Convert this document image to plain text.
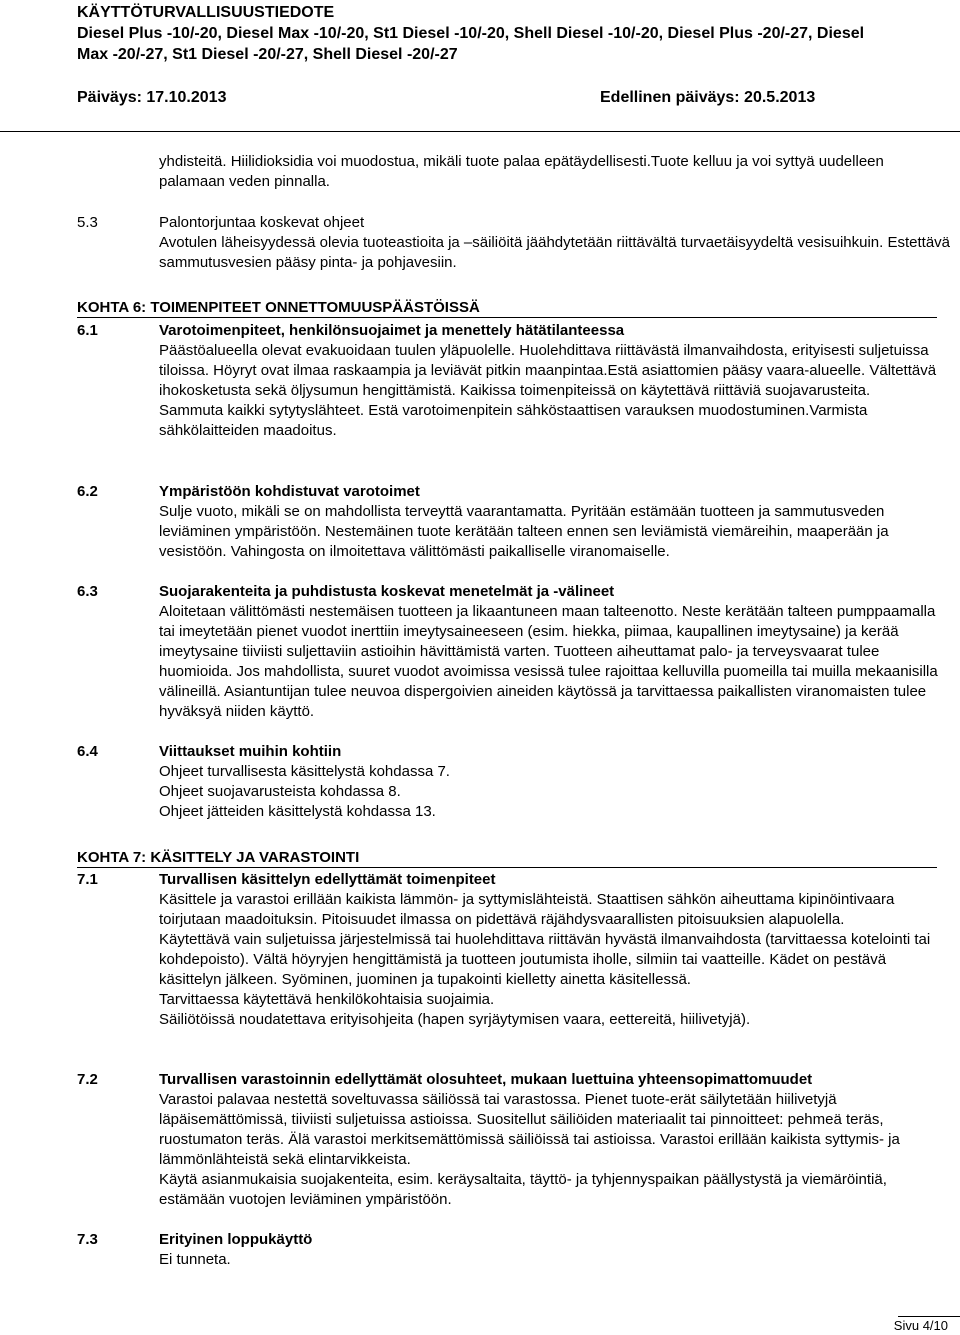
KÄYTTÖTURVALLISUUSTIEDOTE
Diesel Plus -10/-20, Diesel Max -10/-20, St1 Diesel -10/-20, Shell Diesel -10/-20, Diesel Plus -20/-27, Diesel
Max -20/-27, St1 Diesel -20/-27, Shell Diesel -20/-27
Päiväys: 17.10.2013	Edellinen päiväys: 20.5.2013
yhdisteitä. Hiilidioksidia voi muodostua, mikäli tuote palaa epätäydellisesti.Tuote kelluu ja voi syttyä uudelleen palamaan veden pinnalla.
5.3	Palontorjuntaa koskevat ohjeet
Avotulen läheisyydessä olevia tuoteastioita ja –säiliöitä jäähdytetään riittävältä turvaetäisyydeltä vesisuihkuin. Estettävä sammutusvesien pääsy pinta- ja pohjavesiin.
KOHTA 6: TOIMENPITEET ONNETTOMUUSPÄÄSTÖISSÄ
6.1	Varotoimenpiteet, henkilönsuojaimet ja menettely hätätilanteessa

Päästöalueella olevat evakuoidaan tuulen yläpuolelle. Huolehdittava riittävästä ilmanvaihdosta, erityisesti suljetuissa tiloissa. Höyryt ovat ilmaa raskaampia ja leviävät pitkin maanpintaa.Estä asiattomien pääsy vaara-alueelle. Vältettävä ihokosketusta sekä öljysumun hengittämistä. Kaikissa toimenpiteissä on käytettävä riittäviä suojavarusteita.

Sammuta kaikki sytytyslähteet. Estä varotoimenpitein sähköstaattisen varauksen muodostuminen.Varmista sähkölaitteiden maadoitus.

6.2	Ympäristöön kohdistuvat varotoimet
Sulje vuoto, mikäli se on mahdollista terveyttä vaarantamatta. Pyritään estämään tuotteen ja sammutusveden leviäminen ympäristöön. Nestemäinen tuote kerätään talteen ennen sen leviämistä viemäreihin, maaperään ja vesistöön. Vahingosta on ilmoitettava välittömästi paikalliselle viranomaiselle.
6.3	Suojarakenteita ja puhdistusta koskevat menetelmät ja -välineet
Aloitetaan välittömästi nestemäisen tuotteen ja likaantuneen maan talteenotto. Neste kerätään talteen pumppaamalla tai imeytetään pienet vuodot inerttiin imeytysaineeseen (esim. hiekka, piimaa, kaupallinen imeytysaine) ja kerää imeytysaine tiiviisti suljettaviin astioihin hävittämistä varten. Tuotteen aiheuttamat palo- ja terveysvaarat tulee huomioida. Jos mahdollista, suuret vuodot avoimissa vesissä tulee rajoittaa kelluvilla puomeilla tai muilla mekaanisilla välineillä. Asiantuntijan tulee neuvoa dispergoivien aineiden käytössä ja tarvittaessa paikallisten viranomaisten tulee hyväksyä niiden käyttö.
6.4	Viittaukset muihin kohtiin

Ohjeet turvallisesta käsittelystä kohdassa 7.

Ohjeet suojavarusteista kohdassa 8.

Ohjeet jätteiden käsittelystä kohdassa 13.

KOHTA 7: KÄSITTELY JA VARASTOINTI
7.1	Turvallisen käsittelyn edellyttämät toimenpiteet

Käsittele ja varastoi erillään kaikista lämmön- ja syttymislähteistä. Staattisen sähkön aiheuttama kipinöintivaara toirjutaan maadoituksin. Pitoisuudet ilmassa on pidettävä räjähdysvaarallisten pitoisuuksien alapuolella.

Käytettävä vain suljetuissa järjestelmissä tai huolehdittava riittävän hyvästä ilmanvaihdosta (tarvittaessa kotelointi tai kohdepoisto). Vältä höyryjen hengittämistä ja tuotteen joutumista iholle, silmiin tai vaatteille. Kädet on pestävä käsittelyn jälkeen. Syöminen, juominen ja tupakointi kielletty ainetta käsitellessä.

Tarvittaessa käytettävä henkilökohtaisia suojaimia.

Säiliötöissä noudatettava erityisohjeita (hapen syrjäytymisen vaara, eettereitä, hiilivetyjä).

7.2	Turvallisen varastoinnin edellyttämät olosuhteet, mukaan luettuina yhteensopimattomuudet

Varastoi palavaa nestettä soveltuvassa säiliössä tai varastossa. Pienet tuote-erät säilytetään hiilivetyjä läpäisemättömissä, tiiviisti suljetuissa astioissa. Suositellut säiliöiden materiaalit tai pinnoitteet: pehmeä teräs, ruostumaton teräs. Älä varastoi merkitsemättömissä säiliöissä tai astioissa. Varastoi erillään kaikista syttymis- ja lämmönlähteistä sekä elintarvikkeista.

Käytä asianmukaisia suojakenteita, esim. keräysaltaita, täyttö- ja tyhjennyspaikan päällystystä ja viemäröintiä, estämään vuotojen leviäminen ympäristöön.

7.3	Erityinen loppukäyttö
Ei tunneta.
Sivu 4/10
